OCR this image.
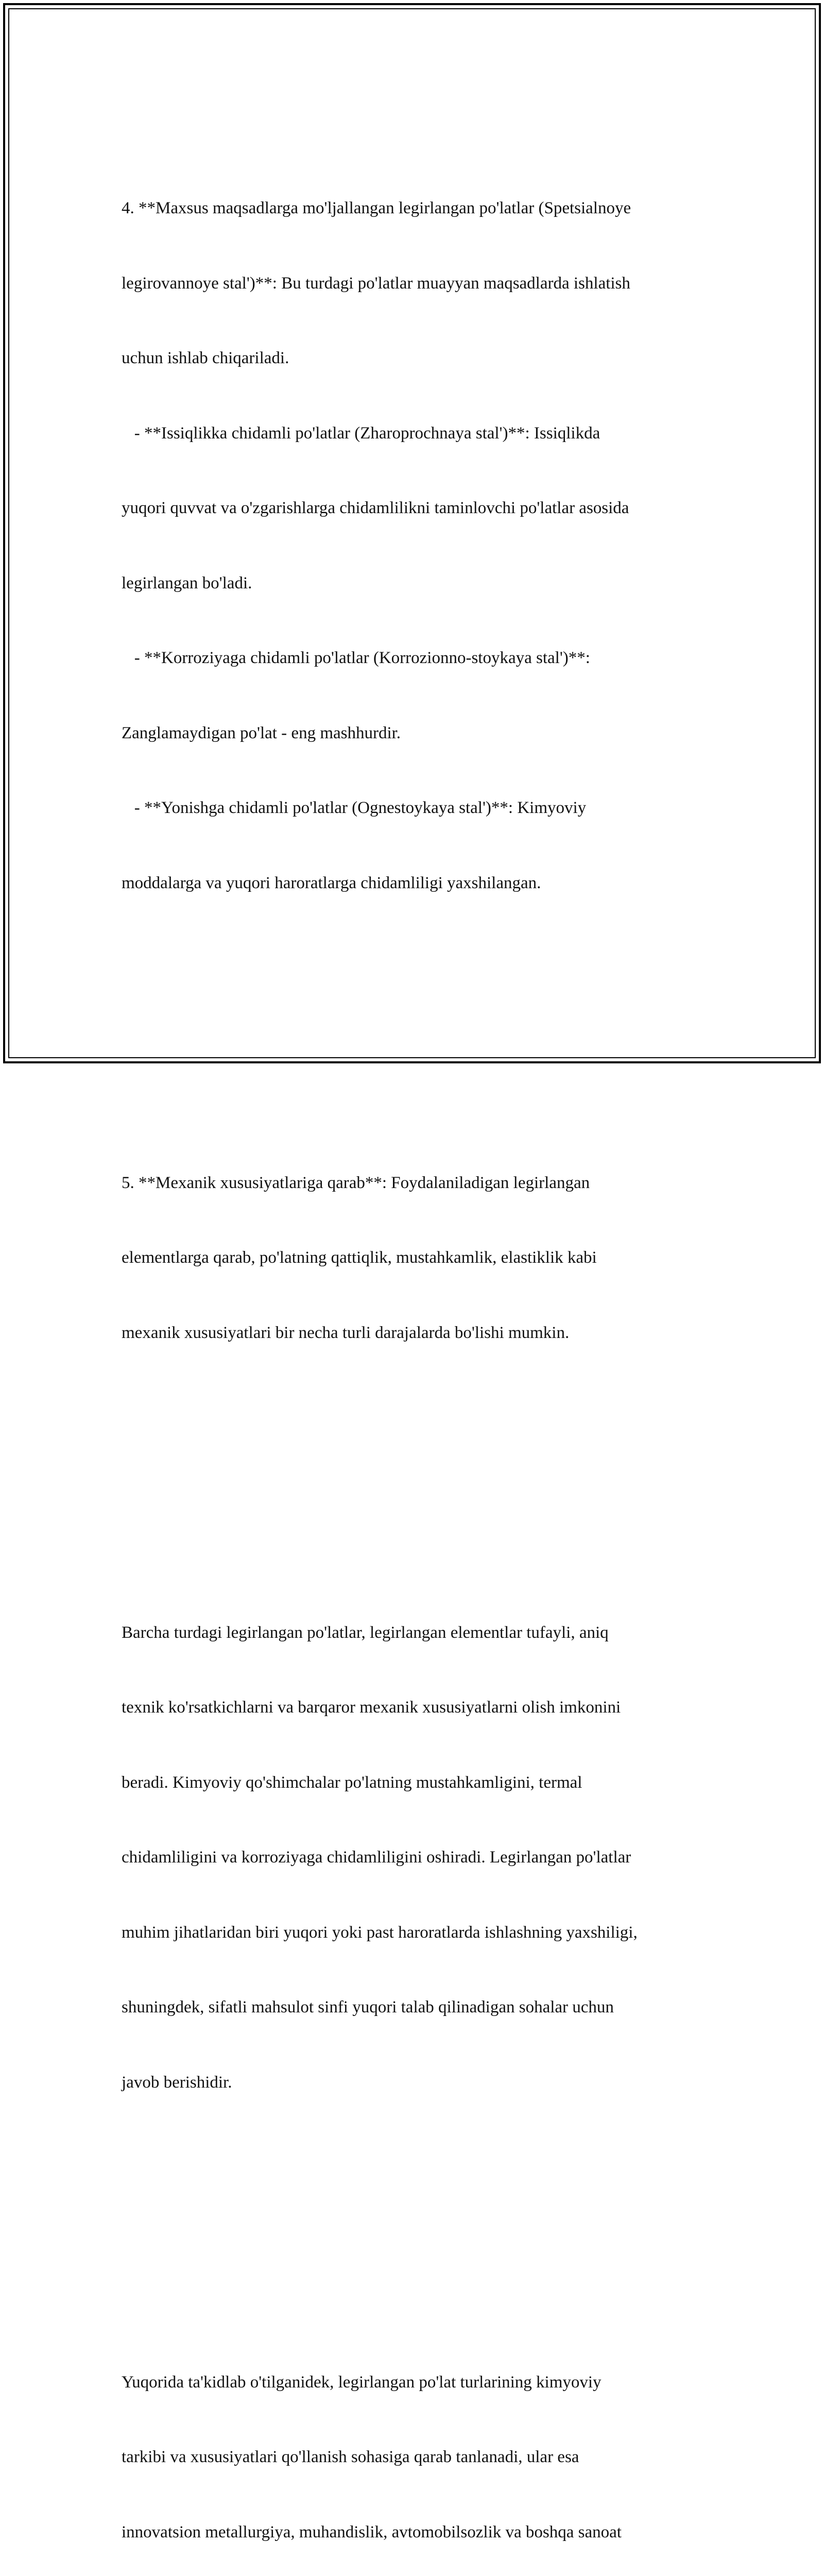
4. **Maxsus maqsadlarga mo'ljallangan legirlangan po'latlar (Spetsialnoye

legirovannoye stal')**: Bu turdagi po'latlar muayyan maqsadlarda ishlatish

uchun ishlab chiqariladi.

- **Issiqlikka chidamli po'latlar (Zharoprochnaya stal')**: Issiqlikda

yuqori quvvat va o'zgarishlarga chidamlilikni taminlovchi po'latlar asosida

legirlangan bo'ladi.

- **Korroziyaga chidamli po'latlar (Korrozionno-stoykaya stal')**:

Zanglamaydigan po'lat - eng mashhurdir.

- **Yonishga chidamli po'latlar (Ognestoykaya stal')**: Kimyoviy

moddalarga va yuqori haroratlarga chidamliligi yaxshilangan.

5. **Mexanik xususiyatlariga qarab**: Foydalaniladigan legirlangan

elementlarga qarab, po'latning qattiqlik, mustahkamlik, elastiklik kabi

mexanik xususiyatlari bir necha turli darajalarda bo'lishi mumkin.

Barcha turdagi legirlangan po'latlar, legirlangan elementlar tufayli, aniq

texnik ko'rsatkichlarni va barqaror mexanik xususiyatlarni olish imkonini

beradi. Kimyoviy qo'shimchalar po'latning mustahkamligini, termal

chidamliligini va korroziyaga chidamliligini oshiradi. Legirlangan po'latlar

muhim jihatlaridan biri yuqori yoki past haroratlarda ishlashning yaxshiligi,

shuningdek, sifatli mahsulot sinfi yuqori talab qilinadigan sohalar uchun

javob berishidir.

Yuqorida ta'kidlab o'tilganidek, legirlangan po'lat turlarining kimyoviy

tarkibi va xususiyatlari qo'llanish sohasiga qarab tanlanadi, ular esa

innovatsion metallurgiya, muhandislik, avtomobilsozlik va boshqa sanoat
